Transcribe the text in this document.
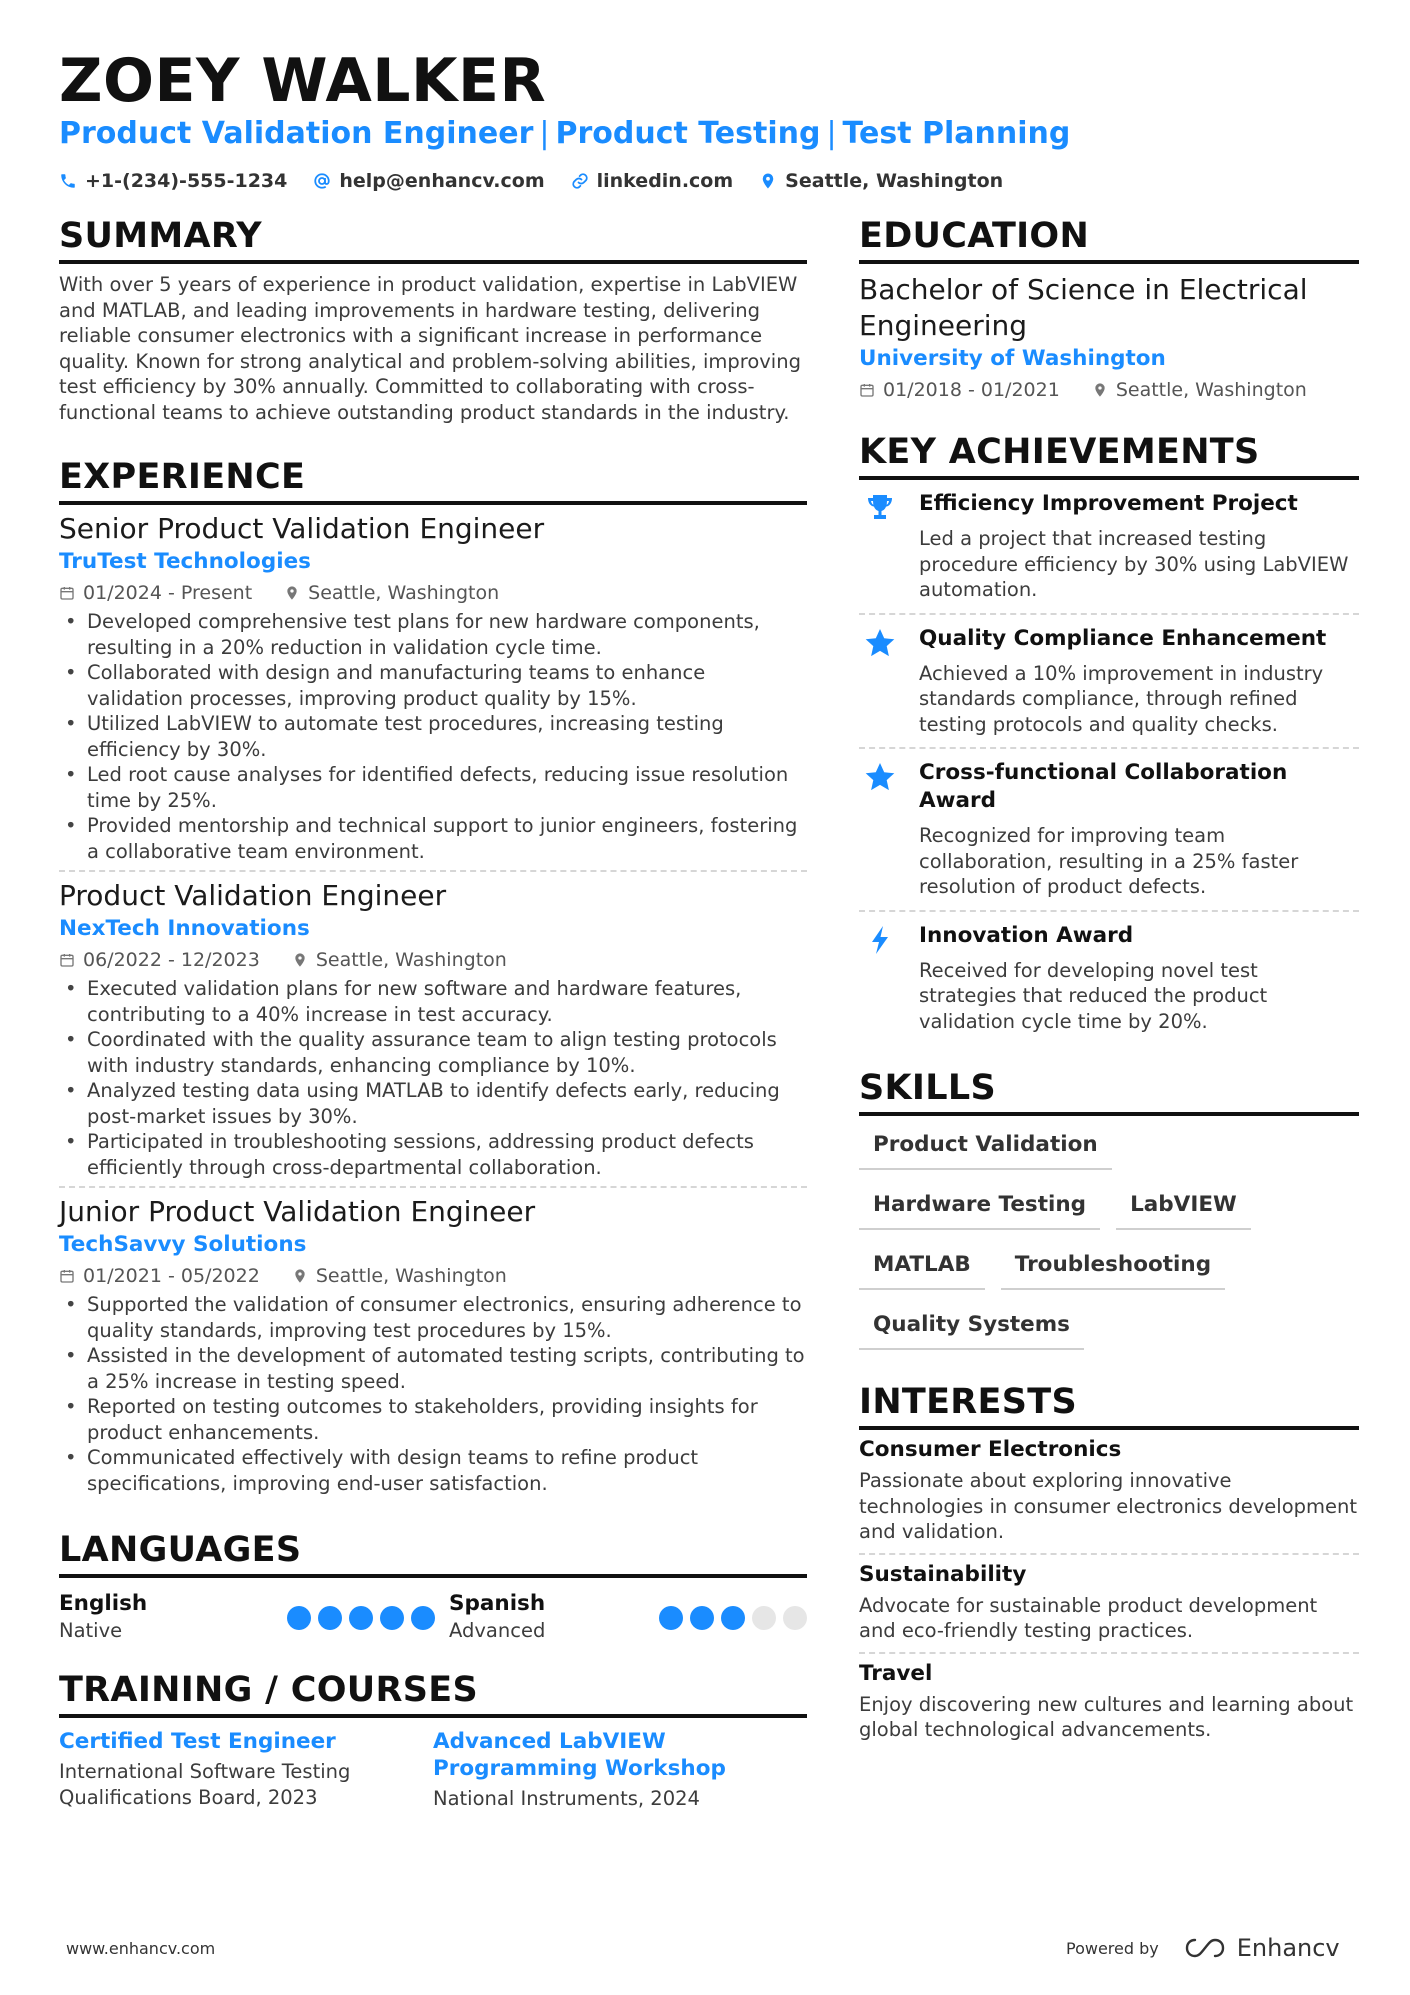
ZOEY WALKER
Product Validation Engineer | Product Testing | Test Planning
+1-(234)-555-1234	help@enhancv.com	linkedin.com	Seattle, Washington
SUMMARY
With over 5 years of experience in product validation, expertise in LabVIEW and MATLAB, and leading improvements in hardware testing, delivering reliable consumer electronics with a significant increase in performance quality. Known for strong analytical and problem-solving abilities, improving test efficiency by 30% annually. Committed to collaborating with cross-functional teams to achieve outstanding product standards in the industry.
EXPERIENCE
Senior Product Validation Engineer
TruTest Technologies
01/2024 - Present	Seattle, Washington
• Developed comprehensive test plans for new hardware components, resulting in a 20% reduction in validation cycle time.
• Collaborated with design and manufacturing teams to enhance validation processes, improving product quality by 15%.
• Utilized LabVIEW to automate test procedures, increasing testing efficiency by 30%.
• Led root cause analyses for identified defects, reducing issue resolution time by 25%.
• Provided mentorship and technical support to junior engineers, fostering a collaborative team environment.
Product Validation Engineer
NexTech Innovations
06/2022 - 12/2023	Seattle, Washington
• Executed validation plans for new software and hardware features, contributing to a 40% increase in test accuracy.
• Coordinated with the quality assurance team to align testing protocols with industry standards, enhancing compliance by 10%.
• Analyzed testing data using MATLAB to identify defects early, reducing post-market issues by 30%.
• Participated in troubleshooting sessions, addressing product defects efficiently through cross-departmental collaboration.
Junior Product Validation Engineer
TechSavvy Solutions
01/2021 - 05/2022	Seattle, Washington
• Supported the validation of consumer electronics, ensuring adherence to quality standards, improving test procedures by 15%.
• Assisted in the development of automated testing scripts, contributing to a 25% increase in testing speed.
• Reported on testing outcomes to stakeholders, providing insights for product enhancements.
• Communicated effectively with design teams to refine product specifications, improving end-user satisfaction.
LANGUAGES
English
Native
Spanish
Advanced
TRAINING / COURSES
Certified Test Engineer
International Software Testing Qualifications Board, 2023
Advanced LabVIEW Programming Workshop
National Instruments, 2024
EDUCATION
Bachelor of Science in Electrical Engineering
University of Washington
01/2018 - 01/2021	Seattle, Washington
KEY ACHIEVEMENTS
Efficiency Improvement Project
Led a project that increased testing procedure efficiency by 30% using LabVIEW automation.
Quality Compliance Enhancement
Achieved a 10% improvement in industry standards compliance, through refined testing protocols and quality checks.
Cross-functional Collaboration Award
Recognized for improving team collaboration, resulting in a 25% faster resolution of product defects.
Innovation Award
Received for developing novel test strategies that reduced the product validation cycle time by 20%.
SKILLS
Product Validation
Hardware Testing	LabVIEW
MATLAB	Troubleshooting
Quality Systems
INTERESTS
Consumer Electronics
Passionate about exploring innovative technologies in consumer electronics development and validation.
Sustainability
Advocate for sustainable product development and eco-friendly testing practices.
Travel
Enjoy discovering new cultures and learning about global technological advancements.
www.enhancv.com	Powered by	Enhancv
